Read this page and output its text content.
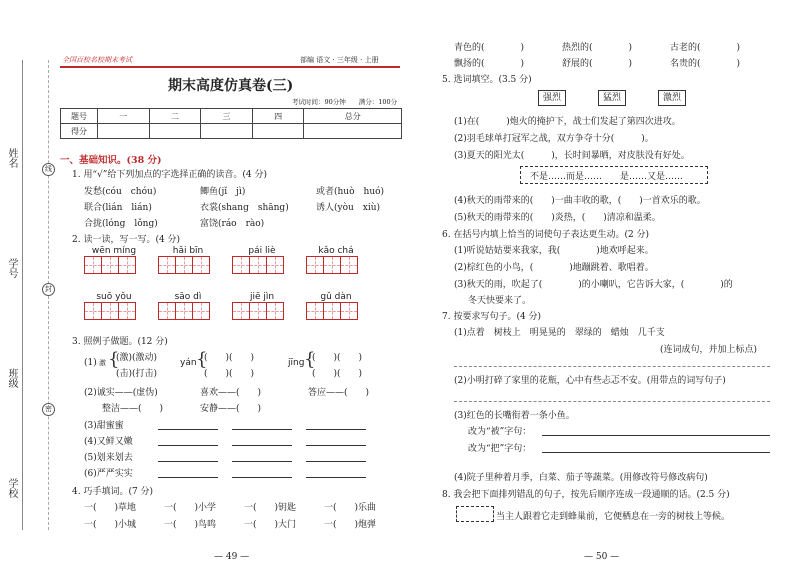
姓名
学号
班级
学校
线
封
密
全国百校名校期末考试	部编 语文 · 三年级 · 上册
期末高度仿真卷(三)
考试时间：90分钟　　满分：100分
题号	一	二	三	四	总分
得分					
一、基础知识。(38 分)
1. 用“√”给下列加点的字选择正确的读音。(4 分)
发愁(cóu　chóu)	鲫鱼(jǐ　jì)	或者(huò　huó)
联合(lián　lián)	衣裳(shang　shāng)	诱人(yòu　xiù)
合拢(lóng　lǒng)	富饶(ráo　rào)
2. 读一读，写一写。(4 分)
wēn míng	hǎi bīn	pái liè	kǎo chá
suō yǒu	sāo dì	jiē jìn	gǔ dàn
3. 照例子做题。(12 分)
(1) 激 {
(激)(激动)
(击)(打击)
yán {
(　　)(　　)
(　　)(　　)
jīng {
(　　)(　　)
(　　)(　　)
(2)诚实——(虚伪)	喜欢——(　　)	答应——(　　)
整洁——(　　)	安静——(　　)
(3)甜蜜蜜
(4)又鲜又嫩
(5)划来划去
(6)严严实实
4. 巧手填词。(7 分)
一(　　)草地	一(　　)小学	一(　　)钥匙	一(　　)乐曲
一(　　)小城	一(　　)鸟鸣	一(　　)大门	一(　　)炮弹
— 49 —
青色的(　　　　)	热烈的(　　　　)	古老的(　　　　)
飘扬的(　　　　)	舒展的(　　　　)	名贵的(　　　　)
5. 选词填空。(3.5 分)
强烈	猛烈	激烈
(1)在(　　　)炮火的掩护下，战士们发起了第四次进攻。
(2)羽毛球单打冠军之战，双方争夺十分(　　　)。
(3)夏天的阳光太(　　　)，长时间暴晒，对皮肤没有好处。
不是……而是……　　是……又是……
(4)秋天的雨带来的(　　)一曲丰收的歌，(　　)一首欢乐的歌。
(5)秋天的雨带来的(　　)炎热，(　　)清凉和温柔。
6. 在括号内填上恰当的词使句子表达更生动。(2 分)
(1)听说姑姑要来我家，我(　　　　)地欢呼起来。
(2)棕红色的小鸟，(　　　　)地蹦跳着、歌唱着。
(3)秋天的雨，吹起了(　　　　)的小喇叭，它告诉大家，(　　　　)的
冬天快要来了。
7. 按要求写句子。(4 分)
(1)点着　树枝上　明晃晃的　翠绿的　蜡烛　几千支
(连词成句，并加上标点)
(2)小明打碎了家里的花瓶，心中有些忐忑不安。(用带点的词写句子)
(3)红色的长嘴衔着一条小鱼。
改为“被”字句：
改为“把”字句：
(4)院子里种着月季，白菜、茄子等蔬菜。(用修改符号修改病句)
8. 我会把下面排列错乱的句子，按先后顺序连成一段通顺的话。(2.5 分)
当主人跟着它走到蜂巢前，它便栖息在一旁的树枝上等候。
— 50 —
